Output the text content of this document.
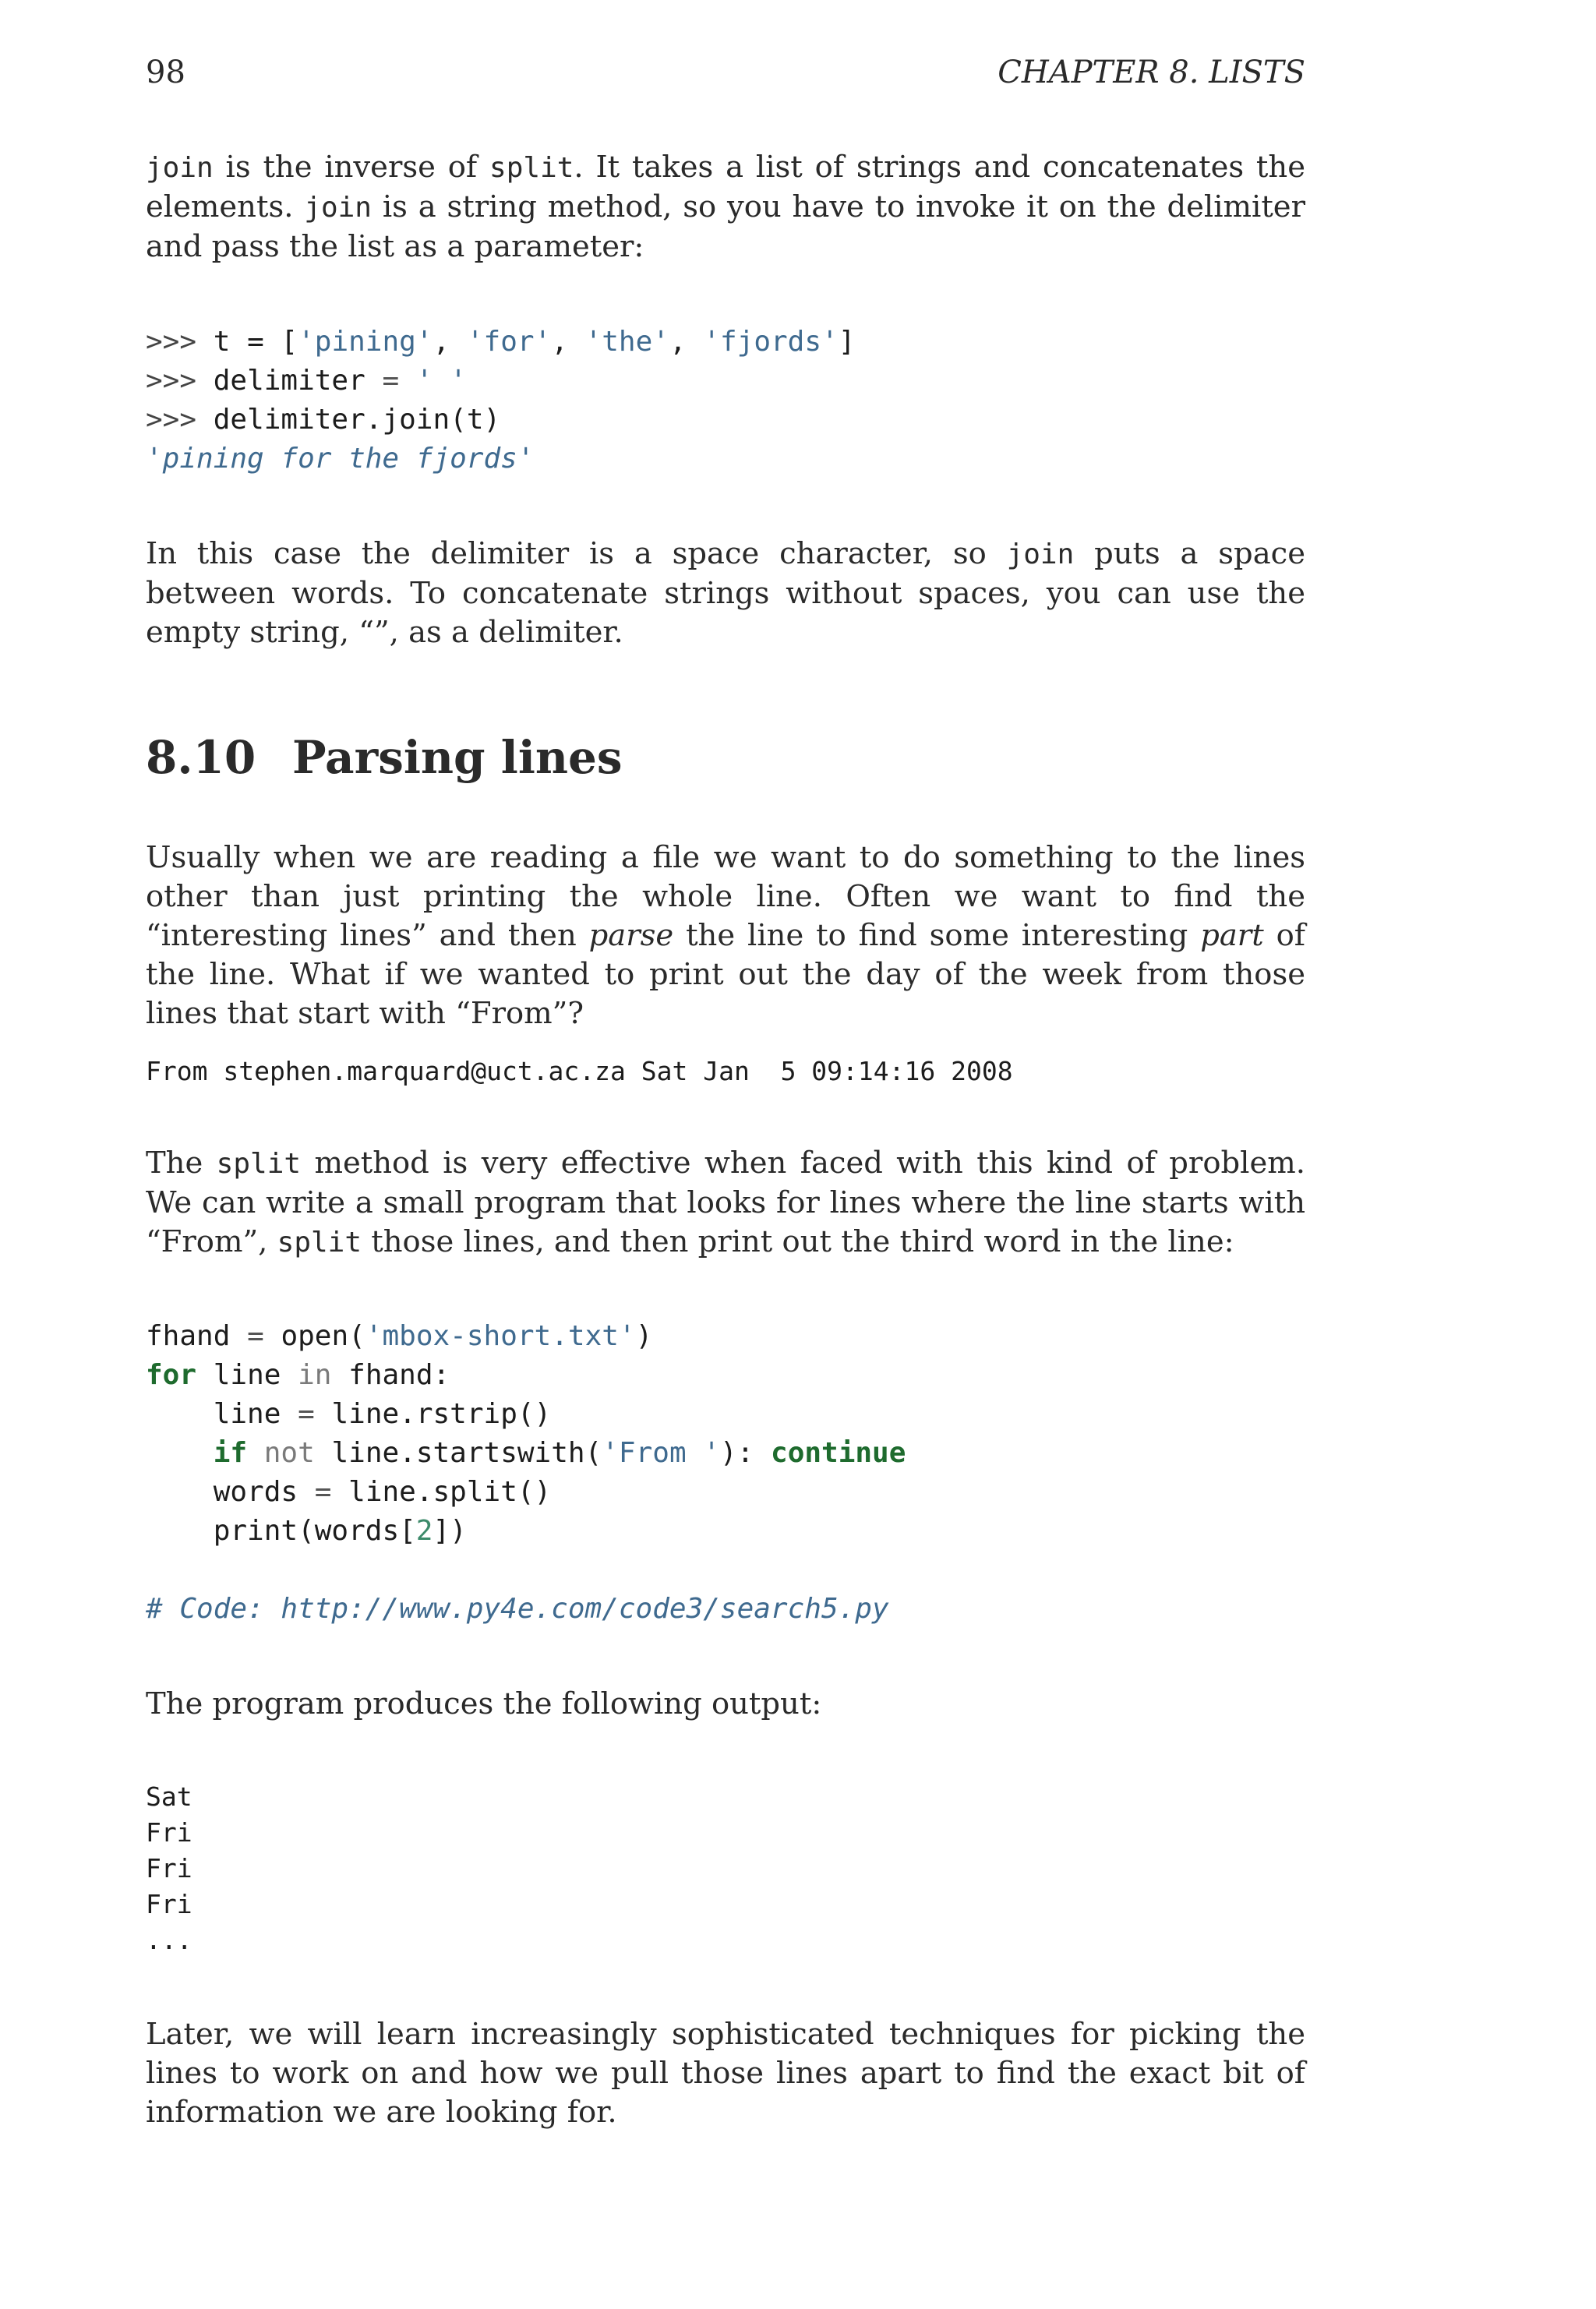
98	CHAPTER 8. LISTS

join is the inverse of split. It takes a list of strings and concatenates the elements. join is a string method, so you have to invoke it on the delimiter and pass the list as a parameter:

>>> t = ['pining', 'for', 'the', 'fjords']
>>> delimiter = ' '
>>> delimiter.join(t)
'pining for the fjords'

In this case the delimiter is a space character, so join puts a space between words. To concatenate strings without spaces, you can use the empty string, “”, as a delimiter.

8.10 Parsing lines

Usually when we are reading a file we want to do something to the lines other than just printing the whole line. Often we want to find the “interesting lines” and then parse the line to find some interesting part of the line. What if we wanted to print out the day of the week from those lines that start with “From”?

From stephen.marquard@uct.ac.za Sat Jan  5 09:14:16 2008

The split method is very effective when faced with this kind of problem. We can write a small program that looks for lines where the line starts with “From”, split those lines, and then print out the third word in the line:

fhand = open('mbox-short.txt')
for line in fhand:
line = line.rstrip()
if not line.startswith('From '): continue
words = line.split()
print(words[2])

# Code: http://www.py4e.com/code3/search5.py

The program produces the following output:

Sat
Fri
Fri
Fri
...

Later, we will learn increasingly sophisticated techniques for picking the lines to work on and how we pull those lines apart to find the exact bit of information we are looking for.
